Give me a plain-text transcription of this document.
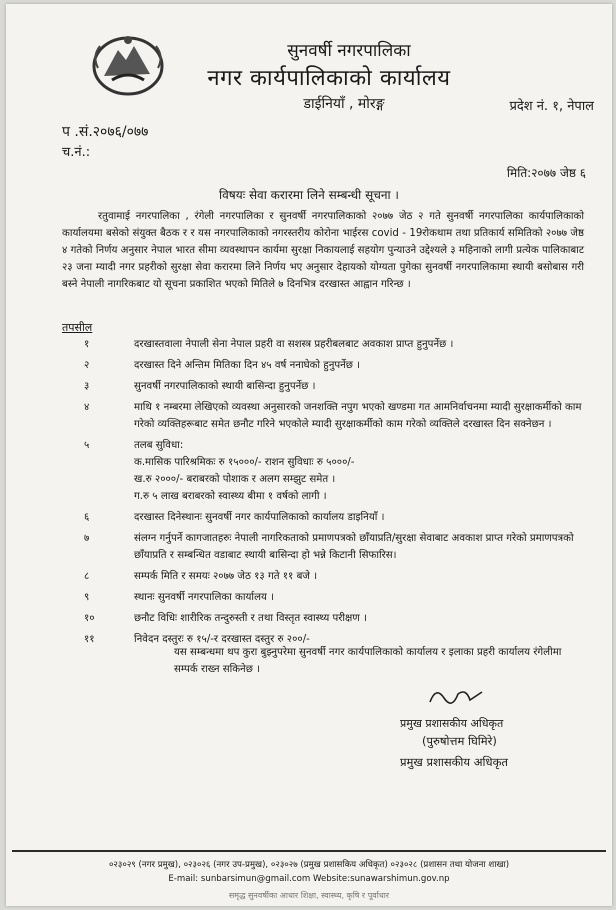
सुनवर्षी नगरपालिका
नगर कार्यपालिकाको कार्यालय
डाईनियाँ , मोरङ्ग	प्रदेश नं. १, नेपाल
प .सं.२०७६/०७७
च.नं.:
मिति:२०७७ जेष्ठ ६
विषयः सेवा करारमा लिने सम्बन्धी सूचना ।
रतुवामाई नगरपालिका , रंगेली नगरपालिका र सुनवर्षी नगरपालिकाको २०७७ जेठ २ गते सुनवर्षी नगरपालिका कार्यपालिकाको कार्यालयमा बसेको संयुक्त बैठक र र यस नगरपालिकाको नगरस्तरीय कोरोना भाईरस covid - 19रोकथाम तथा प्रतिकार्य समितिको २०७७ जेष्ठ ४ गतेको निर्णय अनुसार नेपाल भारत सीमा व्यवस्थापन कार्यमा सुरक्षा निकायलाई सहयोग पुन्याउने उद्देश्यले ३ महिनाको लागी प्रत्येक पालिकाबाट २३ जना म्यादी नगर प्रहरीको सुरक्षा सेवा करारमा लिने निर्णय भए अनुसार देहायको योग्यता पुगेका सुनवर्षी नगरपालिकामा स्थायी बसोबास गरी बस्ने नेपाली नागरिकबाट यो सूचना प्रकाशित भएको मितिले ७ दिनभित्र दरखास्त आह्वान गरिन्छ ।
तपसील
१	दरखास्तवाला नेपाली सेना नेपाल प्रहरी वा सशस्त्र प्रहरीबलबाट अवकाश प्राप्त हुनुपर्नेछ ।
२	दरखास्त दिने अन्तिम मितिका दिन ४५ वर्ष ननाघेको हुनुपर्नेछ ।
३	सुनवर्षी नगरपालिकाको स्थायी बासिन्दा हुनुपर्नेछ ।
४	माथि १ नम्बरमा लेखिएको व्यवस्था अनुसारको जनशक्ति नपुग भएको खण्डमा गत आमनिर्वाचनमा म्यादी सुरक्षाकर्मीको काम गरेको व्यक्तिहरूबाट समेत छनौट गरिने भएकोले म्यादी सुरक्षाकर्मीको काम गरेको व्यक्तिले दरखास्त दिन सक्नेछन ।
५	तलब सुविधा:
क.मासिक पारिश्रमिकः रु १५०००/- राशन सुविधाः रु ५०००/-
ख.रु २०००/- बराबरको पोशाक र अलग सम्झुट समेत ।
ग.रु ५ लाख बराबरको स्वास्थ्य बीमा १ वर्षको लागी ।
६	दरखास्त दिनेस्थानः सुनवर्षी नगर कार्यपालिकाको कार्यालय डाइनियाँ ।
७	संलग्न गर्नुपर्ने कागजातहरुः नेपाली नागरिकताको प्रमाणपत्रको छाँयाप्रति/सुरक्षा सेवाबाट अवकाश प्राप्त गरेको प्रमाणपत्रको छाँयाप्रति र सम्बन्धित वडाबाट स्थायी बासिन्दा हो भन्ने किटानी सिफारिस।
८	सम्पर्क मिति र समयः २०७७ जेठ १३ गते ११ बजे ।
९	स्थानः सुनवर्षी नगरपालिका कार्यालय ।
१०	छनौट विधिः शारीरिक तन्दुरुस्ती र तथा विस्तृत स्वास्थ्य परीक्षण ।
११	निवेदन दस्तुरः रु १५/-र दरखास्त दस्तुर रु २००/-
यस सम्बन्धमा थप कुरा बुझ्नुपरेमा सुनवर्षी नगर कार्यपालिकाको कार्यालय र इलाका प्रहरी कार्यालय रंगेलीमा सम्पर्क राख्न सकिनेछ ।
प्रमुख प्रशासकीय अधिकृत
(पुरुषोत्तम घिमिरे)
प्रमुख प्रशासकीय अधिकृत
०२३०२९ (नगर प्रमुख), ०२३०२६ (नगर उप-प्रमुख), ०२३०२७ (प्रमुख प्रशासकिय अधिकृत) ०२३०२८ (प्रशासन तथा योजना शाखा)
E-mail: sunbarsimun@gmail.com Website:sunawarshimun.gov.np
समृद्ध सुनवर्षीका आधार शिक्षा, स्वास्थ्य, कृषि र पूर्वाधार
